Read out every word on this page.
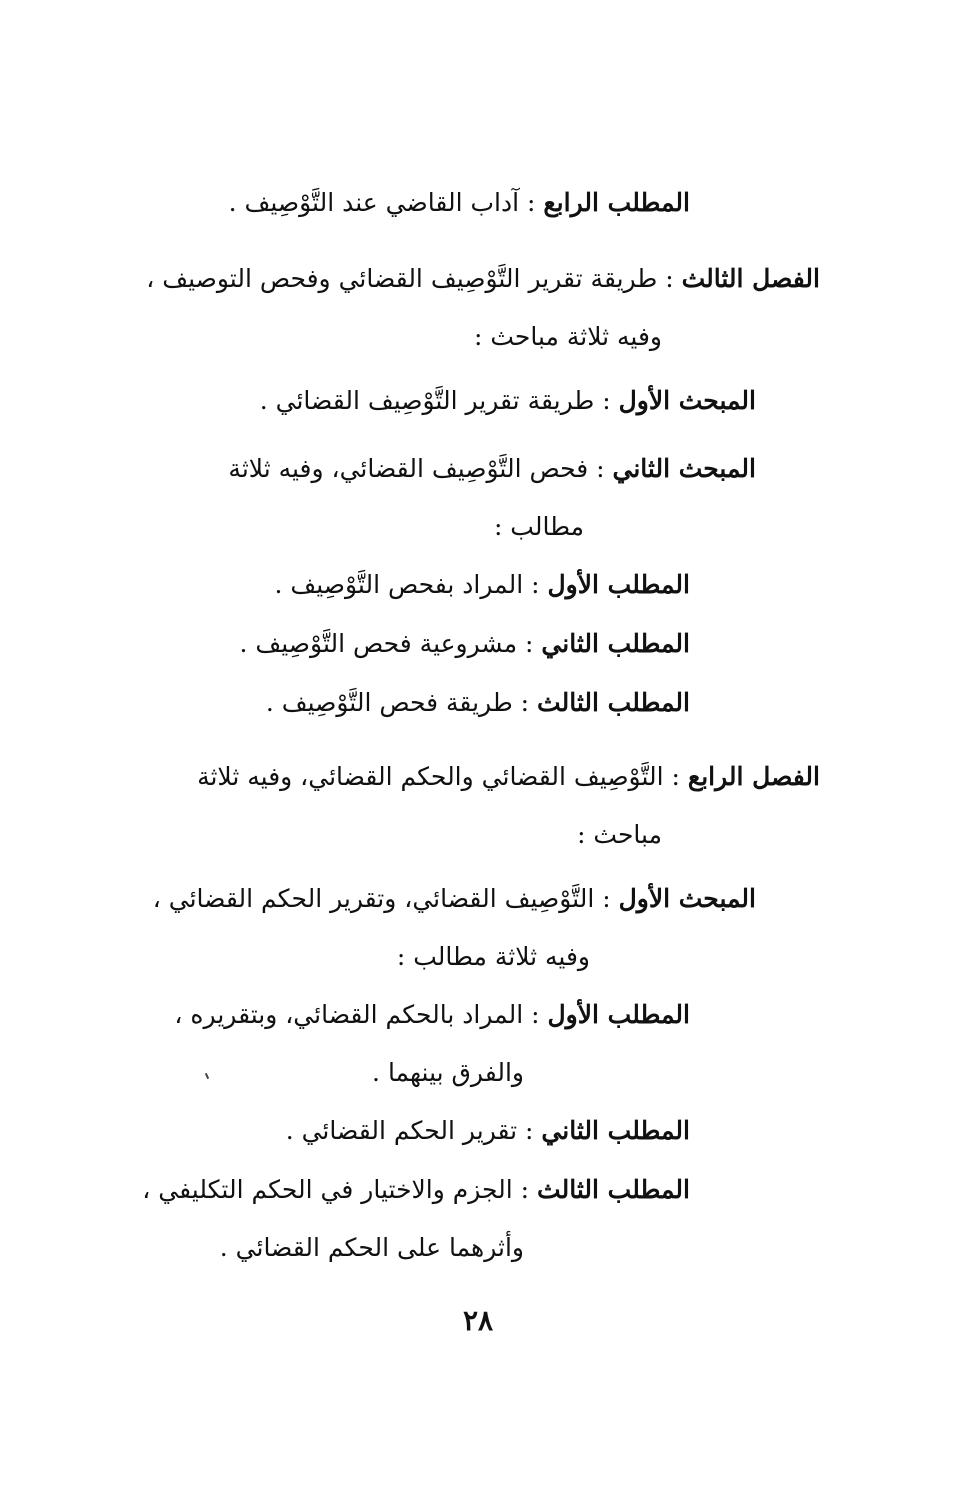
المطلب الرابع : آداب القاضي عند التَّوْصِيف .
الفصل الثالث : طريقة تقرير التَّوْصِيف القضائي وفحص التوصيف ،
وفيه ثلاثة مباحث :
المبحث الأول : طريقة تقرير التَّوْصِيف القضائي .
المبحث الثاني : فحص التَّوْصِيف القضائي، وفيه ثلاثة
مطالب :
المطلب الأول : المراد بفحص التَّوْصِيف .
المطلب الثاني : مشروعية فحص التَّوْصِيف .
المطلب الثالث : طريقة فحص التَّوْصِيف .
الفصل الرابع : التَّوْصِيف القضائي والحكم القضائي، وفيه ثلاثة
مباحث :
المبحث الأول : التَّوْصِيف القضائي، وتقرير الحكم القضائي ،
وفيه ثلاثة مطالب :
المطلب الأول : المراد بالحكم القضائي، وبتقريره ،
والفرق بينهما .
المطلب الثاني : تقرير الحكم القضائي .
المطلب الثالث : الجزم والاختيار في الحكم التكليفي ،
وأثرهما على الحكم القضائي .
٢٨
